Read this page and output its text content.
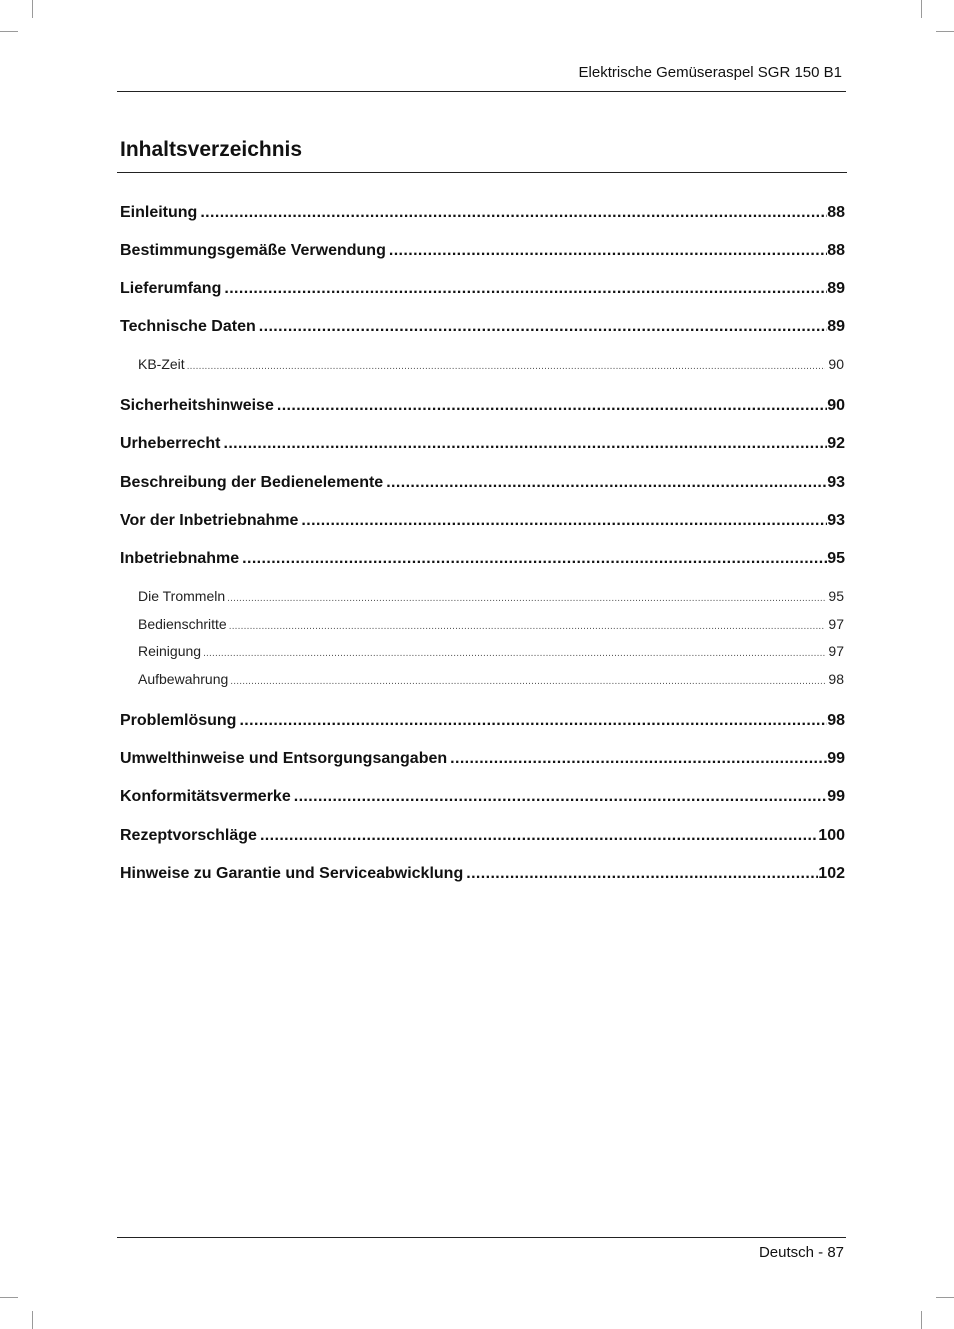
Elektrische Gemüseraspel SGR 150 B1
Inhaltsverzeichnis
Einleitung .....	88
Bestimmungsgemäße Verwendung .....	88
Lieferumfang .....	89
Technische Daten .....	89
KB-Zeit .....	90
Sicherheitshinweise .....	90
Urheberrecht .....	92
Beschreibung der Bedienelemente .....	93
Vor der Inbetriebnahme .....	93
Inbetriebnahme .....	95
Die Trommeln .....	95
Bedienschritte .....	97
Reinigung .....	97
Aufbewahrung .....	98
Problemlösung .....	98
Umwelthinweise und Entsorgungsangaben .....	99
Konformitätsvermerke .....	99
Rezeptvorschläge .....	100
Hinweise zu Garantie und Serviceabwicklung .....	102
Deutsch - 87
